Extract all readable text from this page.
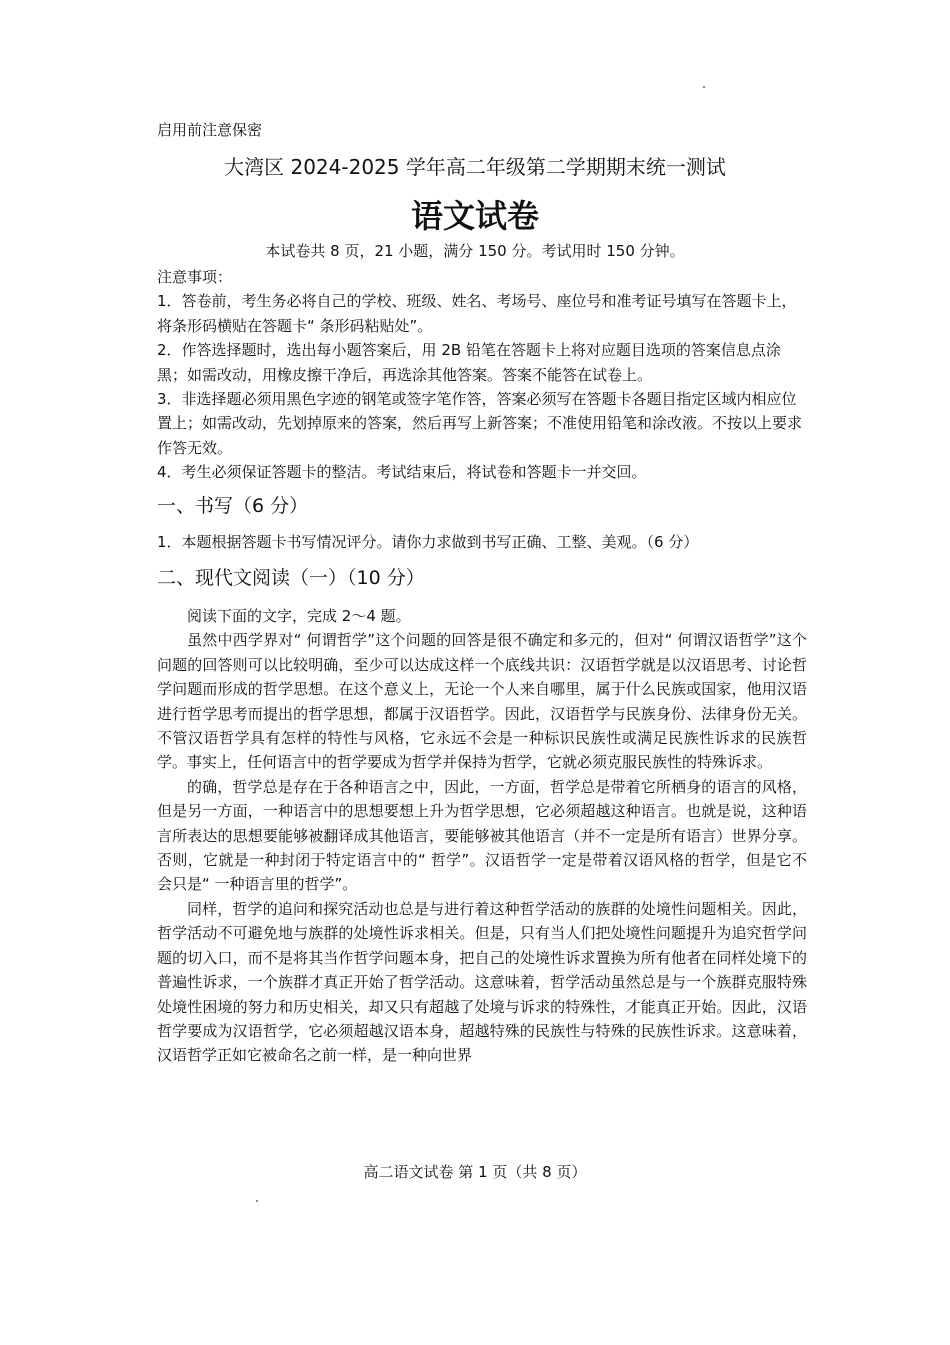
启用前注意保密
大湾区 2024-2025 学年高二年级第二学期期末统一测试
语文试卷
本试卷共 8 页，21 小题，满分 150 分。考试用时 150 分钟。

注意事项：

1．答卷前，考生务必将自己的学校、班级、姓名、考场号、座位号和准考证号填写在答题卡上，将条形码横贴在答题卡“ 条形码粘贴处”。

2．作答选择题时，选出每小题答案后，用 2B 铅笔在答题卡上将对应题目选项的答案信息点涂黑；如需改动，用橡皮擦干净后，再选涂其他答案。答案不能答在试卷上。

3．非选择题必须用黑色字迹的钢笔或签字笔作答，答案必须写在答题卡各题目指定区域内相应位置上；如需改动，先划掉原来的答案，然后再写上新答案；不准使用铅笔和涂改液。不按以上要求作答无效。

4．考生必须保证答题卡的整洁。考试结束后，将试卷和答题卡一并交回。

一、书写（6 分）
1．本题根据答题卡书写情况评分。请你力求做到书写正确、工整、美观。（6 分）
二、现代文阅读（一）（10 分）

阅读下面的文字，完成 2～4 题。

虽然中西学界对“ 何谓哲学”这个问题的回答是很不确定和多元的，但对“ 何谓汉语哲学”这个问题的回答则可以比较明确，至少可以达成这样一个底线共识：汉语哲学就是以汉语思考、讨论哲学问题而形成的哲学思想。在这个意义上，无论一个人来自哪里，属于什么民族或国家，他用汉语进行哲学思考而提出的哲学思想，都属于汉语哲学。因此，汉语哲学与民族身份、法律身份无关。不管汉语哲学具有怎样的特性与风格，它永远不会是一种标识民族性或满足民族性诉求的民族哲学。事实上，任何语言中的哲学要成为哲学并保持为哲学，它就必须克服民族性的特殊诉求。

的确，哲学总是存在于各种语言之中，因此，一方面，哲学总是带着它所栖身的语言的风格，但是另一方面，一种语言中的思想要想上升为哲学思想，它必须超越这种语言。也就是说，这种语言所表达的思想要能够被翻译成其他语言，要能够被其他语言（并不一定是所有语言）世界分享。否则，它就是一种封闭于特定语言中的“ 哲学”。汉语哲学一定是带着汉语风格的哲学，但是它不会只是“ 一种语言里的哲学”。

同样，哲学的追问和探究活动也总是与进行着这种哲学活动的族群的处境性问题相关。因此，哲学活动不可避免地与族群的处境性诉求相关。但是，只有当人们把处境性问题提升为追究哲学问题的切入口，而不是将其当作哲学问题本身，把自己的处境性诉求置换为所有他者在同样处境下的普遍性诉求，一个族群才真正开始了哲学活动。这意味着，哲学活动虽然总是与一个族群克服特殊处境性困境的努力和历史相关，却又只有超越了处境与诉求的特殊性，才能真正开始。因此，汉语哲学要成为汉语哲学，它必须超越汉语本身，超越特殊的民族性与特殊的民族性诉求。这意味着，汉语哲学正如它被命名之前一样，是一种向世界

高二语文试卷 第 1 页（共 8 页）
